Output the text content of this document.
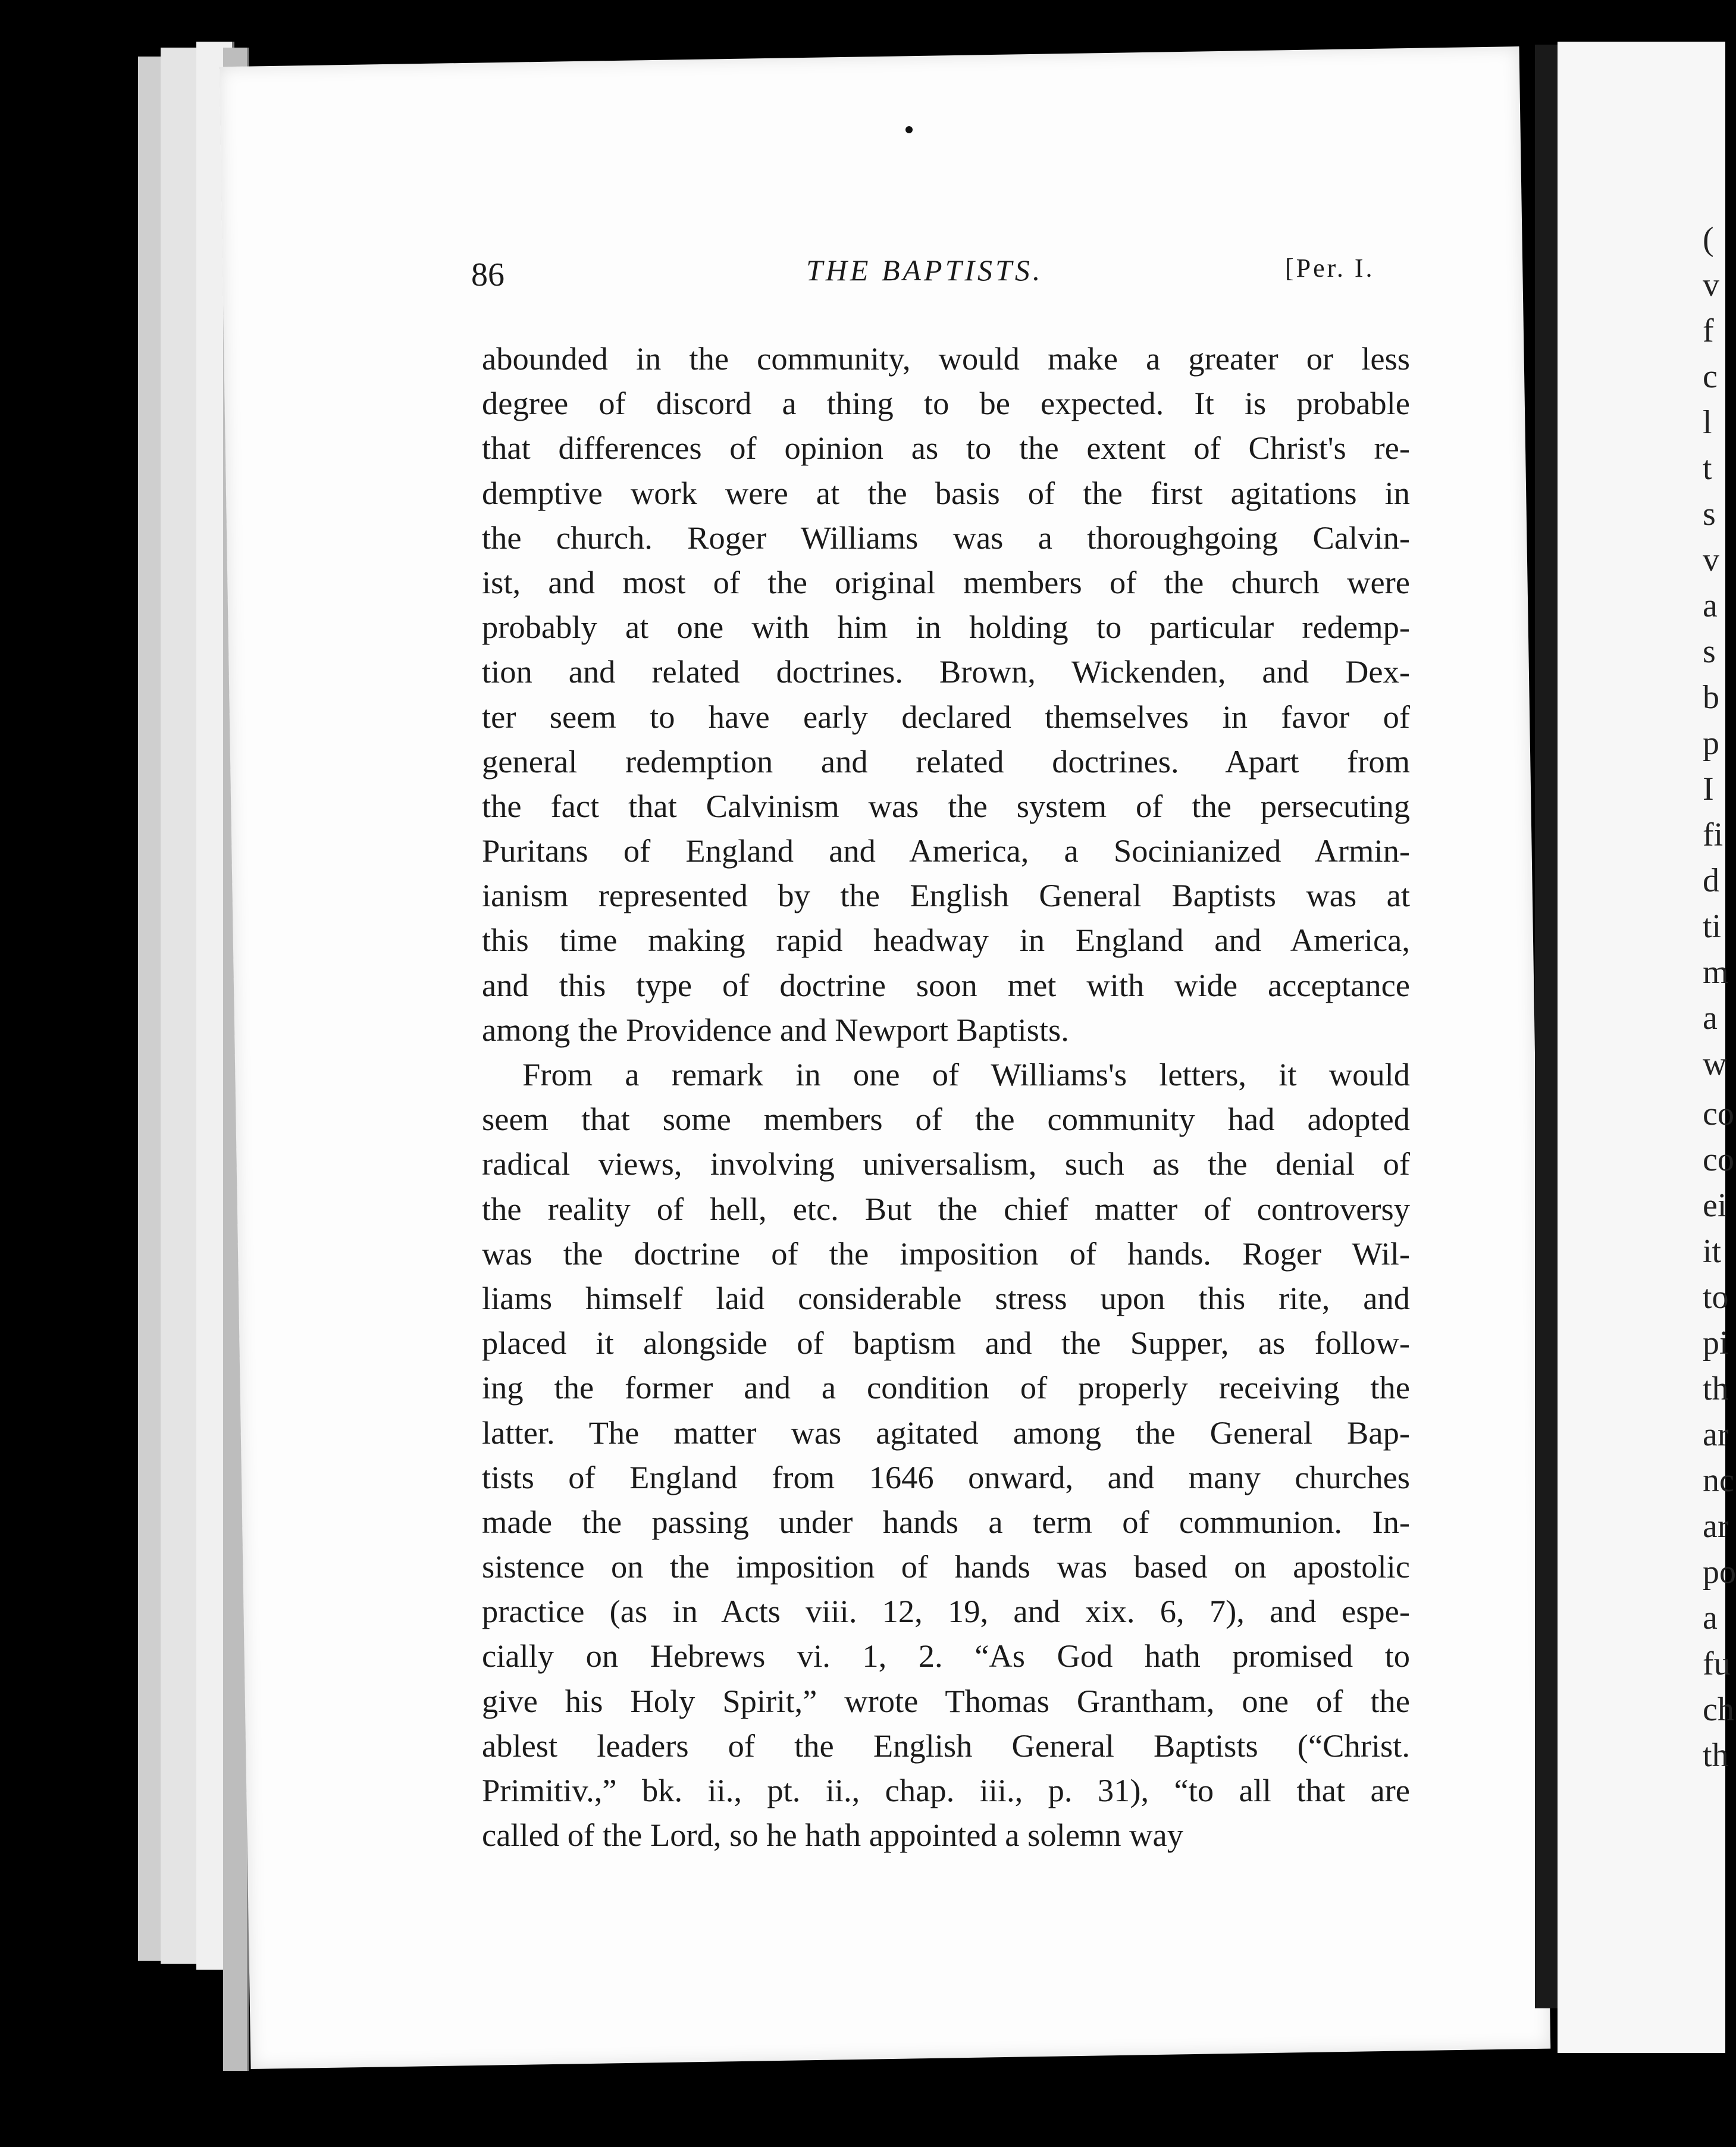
86	THE BAPTISTS.	[Per. I.
abounded in the community, would make a greater or less
degree of discord a thing to be expected. It is probable
that differences of opinion as to the extent of Christ's re-
demptive work were at the basis of the first agitations in
the church. Roger Williams was a thoroughgoing Calvin-
ist, and most of the original members of the church were
probably at one with him in holding to particular redemp-
tion and related doctrines. Brown, Wickenden, and Dex-
ter seem to have early declared themselves in favor of
general redemption and related doctrines. Apart from
the fact that Calvinism was the system of the persecuting
Puritans of England and America, a Socinianized Armin-
ianism represented by the English General Baptists was at
this time making rapid headway in England and America,
and this type of doctrine soon met with wide acceptance
among the Providence and Newport Baptists.
From a remark in one of Williams's letters, it would
seem that some members of the community had adopted
radical views, involving universalism, such as the denial of
the reality of hell, etc. But the chief matter of controversy
was the doctrine of the imposition of hands. Roger Wil-
liams himself laid considerable stress upon this rite, and
placed it alongside of baptism and the Supper, as follow-
ing the former and a condition of properly receiving the
latter. The matter was agitated among the General Bap-
tists of England from 1646 onward, and many churches
made the passing under hands a term of communion. In-
sistence on the imposition of hands was based on apostolic
practice (as in Acts viii. 12, 19, and xix. 6, 7), and espe-
cially on Hebrews vi. 1, 2. “As God hath promised to
give his Holy Spirit,” wrote Thomas Grantham, one of the
ablest leaders of the English General Baptists (“Christ.
Primitiv.,” bk. ii., pt. ii., chap. iii., p. 31), “to all that are
called of the Lord, so he hath appointed a solemn way
(
v
f
c
l
t
s
v
a
s
b
p
I
fi
d
ti
m
a
w
co
co
ei
it
to
pi
th
ar
nc
ar
po
a
fu
ch
th
